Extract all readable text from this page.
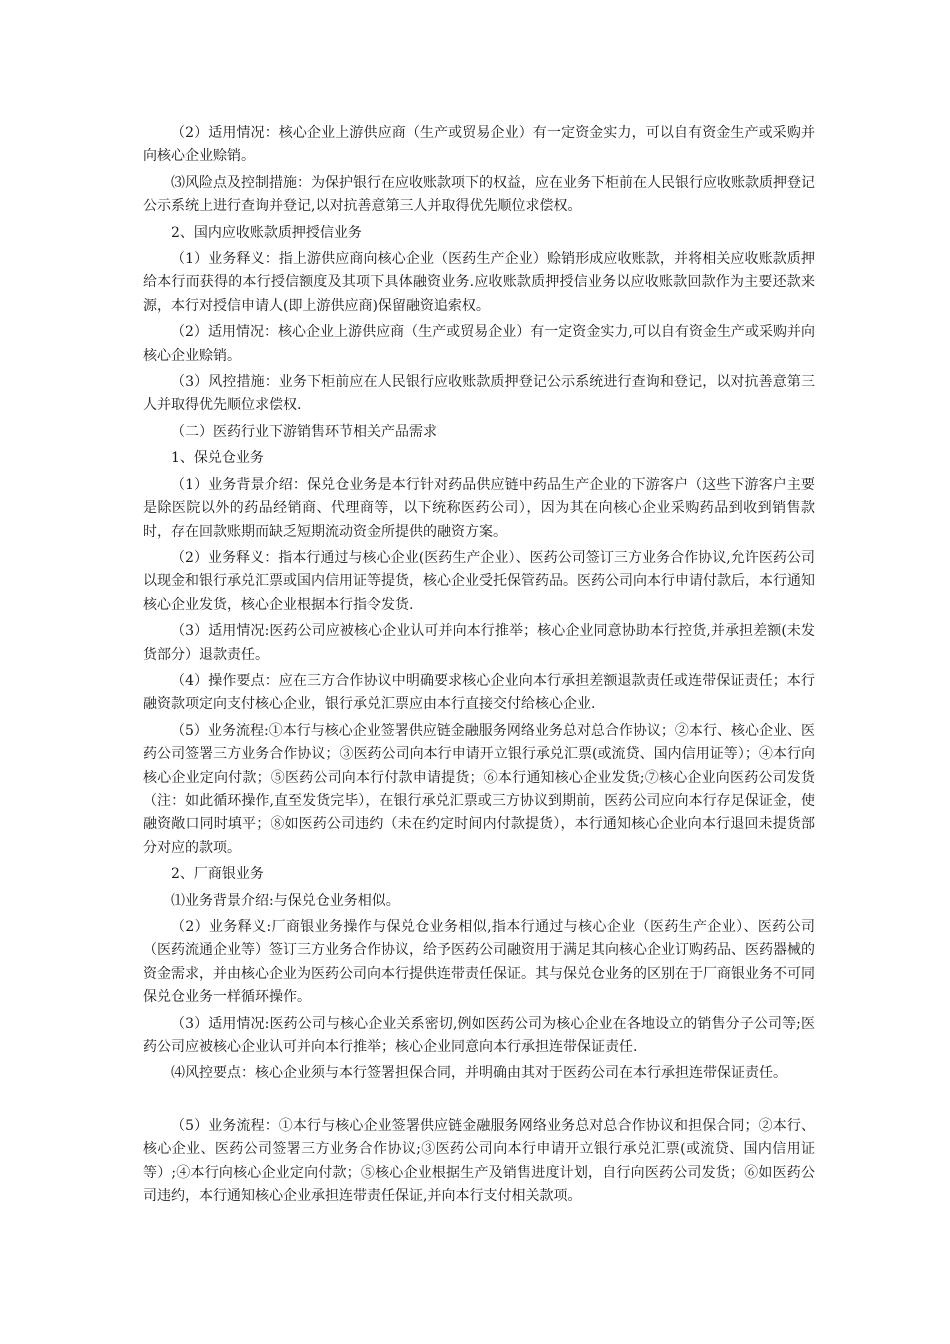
（2）适用情况：核心企业上游供应商（生产或贸易企业）有一定资金实力，可以自有资金生产或采购并向核心企业赊销。

⑶风险点及控制措施：为保护银行在应收账款项下的权益，应在业务下柜前在人民银行应收账款质押登记公示系统上进行查询并登记,以对抗善意第三人并取得优先顺位求偿权。

2、国内应收账款质押授信业务

（1）业务释义：指上游供应商向核心企业（医药生产企业）赊销形成应收账款，并将相关应收账款质押给本行而获得的本行授信额度及其项下具体融资业务.应收账款质押授信业务以应收账款回款作为主要还款来源，本行对授信申请人(即上游供应商)保留融资追索权。

（2）适用情况：核心企业上游供应商（生产或贸易企业）有一定资金实力,可以自有资金生产或采购并向核心企业赊销。

（3）风控措施：业务下柜前应在人民银行应收账款质押登记公示系统进行查询和登记，以对抗善意第三人并取得优先顺位求偿权.

（二）医药行业下游销售环节相关产品需求

1、保兑仓业务

（1）业务背景介绍：保兑仓业务是本行针对药品供应链中药品生产企业的下游客户（这些下游客户主要是除医院以外的药品经销商、代理商等，以下统称医药公司），因为其在向核心企业采购药品到收到销售款时，存在回款账期而缺乏短期流动资金所提供的融资方案。

（2）业务释义：指本行通过与核心企业(医药生产企业）、医药公司签订三方业务合作协议,允许医药公司以现金和银行承兑汇票或国内信用证等提货，核心企业受托保管药品。医药公司向本行申请付款后，本行通知核心企业发货，核心企业根据本行指令发货.

（3）适用情况:医药公司应被核心企业认可并向本行推举；核心企业同意协助本行控货,并承担差额(未发货部分）退款责任。

（4）操作要点：应在三方合作协议中明确要求核心企业向本行承担差额退款责任或连带保证责任；本行融资款项定向支付核心企业，银行承兑汇票应由本行直接交付给核心企业.

（5）业务流程:①本行与核心企业签署供应链金融服务网络业务总对总合作协议；②本行、核心企业、医药公司签署三方业务合作协议；③医药公司向本行申请开立银行承兑汇票(或流贷、国内信用证等）；④本行向核心企业定向付款；⑤医药公司向本行付款申请提货；⑥本行通知核心企业发货;⑦核心企业向医药公司发货（注：如此循环操作,直至发货完毕），在银行承兑汇票或三方协议到期前，医药公司应向本行存足保证金，使融资敞口同时填平；⑧如医药公司违约（未在约定时间内付款提货），本行通知核心企业向本行退回未提货部分对应的款项。

2、厂商银业务

⑴业务背景介绍:与保兑仓业务相似。

（2）业务释义:厂商银业务操作与保兑仓业务相似,指本行通过与核心企业（医药生产企业）、医药公司（医药流通企业等）签订三方业务合作协议，给予医药公司融资用于满足其向核心企业订购药品、医药器械的资金需求，并由核心企业为医药公司向本行提供连带责任保证。其与保兑仓业务的区别在于厂商银业务不可同保兑仓业务一样循环操作。

（3）适用情况:医药公司与核心企业关系密切,例如医药公司为核心企业在各地设立的销售分子公司等;医药公司应被核心企业认可并向本行推举；核心企业同意向本行承担连带保证责任.

⑷风控要点：核心企业须与本行签署担保合同，并明确由其对于医药公司在本行承担连带保证责任。

（5）业务流程：①本行与核心企业签署供应链金融服务网络业务总对总合作协议和担保合同；②本行、核心企业、医药公司签署三方业务合作协议;③医药公司向本行申请开立银行承兑汇票(或流贷、国内信用证等）;④本行向核心企业定向付款；⑤核心企业根据生产及销售进度计划，自行向医药公司发货；⑥如医药公司违约，本行通知核心企业承担连带责任保证,并向本行支付相关款项。
